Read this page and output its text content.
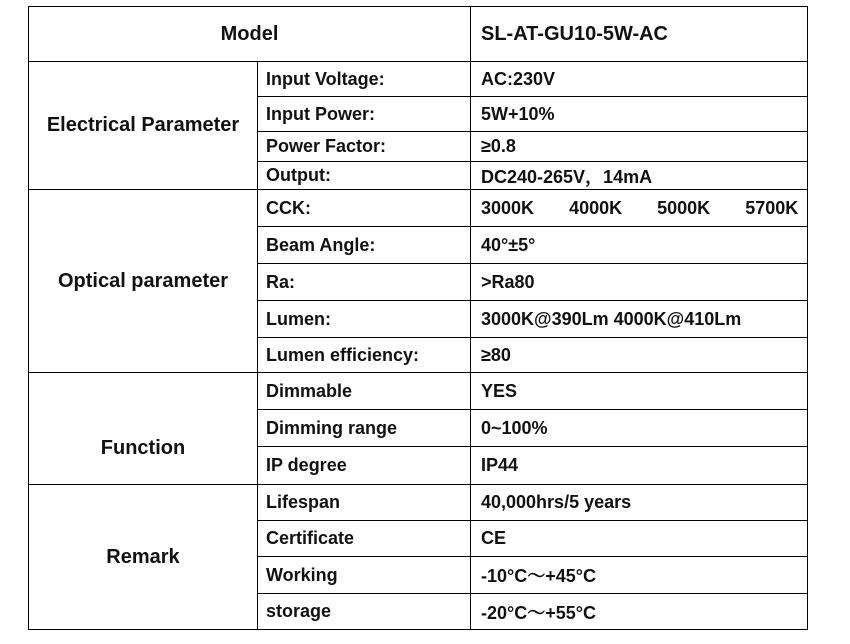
Model		SL-AT-GU10-5W-AC
Electrical Parameter	Input Voltage:	AC:230V
	Input Power:	5W+10%
	Power Factor:	≥0.8
	Output:	DC240-265V，14mA
Optical parameter	CCK:	3000K 4000K 5000K 5700K
	Beam Angle:	40°±5°
	Ra:	>Ra80
	Lumen:	3000K@390Lm 4000K@410Lm
	Lumen efficiency:	≥80
Function	Dimmable	YES
	Dimming range	0~100%
	IP degree	IP44
Remark	Lifespan	40,000hrs/5 years
	Certificate	CE
	Working	-10°C～+45°C
	storage	-20°C～+55°C
